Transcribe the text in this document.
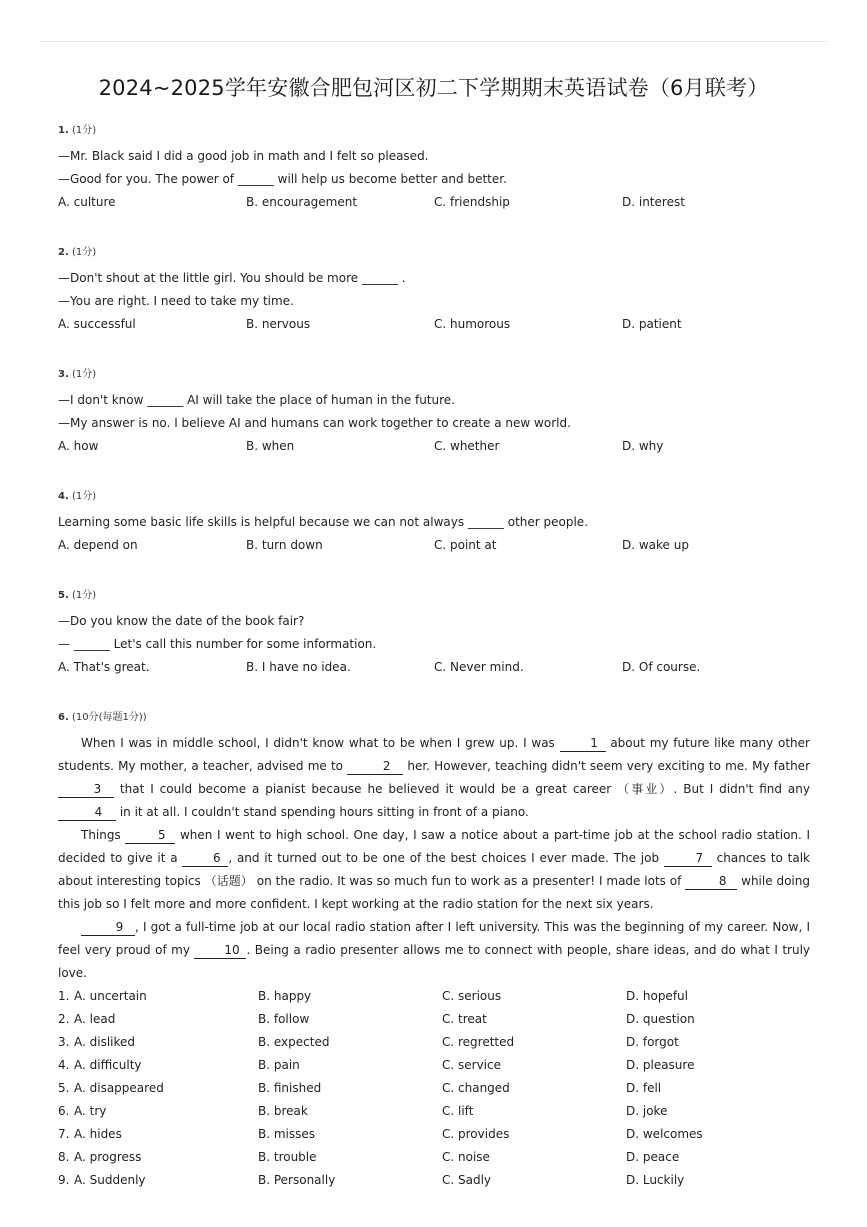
2024~2025学年安徽合肥包河区初二下学期期末英语试卷（6月联考）
1. (1分)
—Mr. Black said I did a good job in math and I felt so pleased.
—Good for you. The power of ______ will help us become better and better.
A. culture	B. encouragement	C. friendship	D. interest
2. (1分)
—Don't shout at the little girl. You should be more ______ .
—You are right. I need to take my time.
A. successful	B. nervous	C. humorous	D. patient
3. (1分)
—I don't know ______ AI will take the place of human in the future.
—My answer is no. I believe AI and humans can work together to create a new world.
A. how	B. when	C. whether	D. why
4. (1分)
Learning some basic life skills is helpful because we can not always ______ other people.
A. depend on	B. turn down	C. point at	D. wake up
5. (1分)
—Do you know the date of the book fair?
— ______ Let's call this number for some information.
A. That's great.	B. I have no idea.	C. Never mind.	D. Of course.
6. (10分(每题1分))

When I was in middle school, I didn't know what to be when I grew up. I was	1 about my future like many other students. My mother, a teacher, advised me to	2 her. However, teaching didn't seem very exciting to me. My father 3 that I could become a pianist because he believed it would be a great career （事业）. But I didn't find any 4 in it at all. I couldn't stand spending hours sitting in front of a piano.

Things	5 when I went to high school. One day, I saw a notice about a part-time job at the school radio station. I decided to give it a	6 , and it turned out to be one of the best choices I ever made. The job	7 chances to talk about interesting topics （话题） on the radio. It was so much fun to work as a presenter! I made lots of	8 while doing this job so I felt more and more confident. I kept working at the radio station for the next six years.

9 , I got a full-time job at our local radio station after I left university. This was the beginning of my career. Now, I feel very proud of my 10 . Being a radio presenter allows me to connect with people, share ideas, and do what I truly love.

1. A. uncertain	B. happy	C. serious	D. hopeful
2. A. lead	B. follow	C. treat	D. question
3. A. disliked	B. expected	C. regretted	D. forgot
4. A. difficulty	B. pain	C. service	D. pleasure
5. A. disappeared	B. finished	C. changed	D. fell
6. A. try	B. break	C. lift	D. joke
7. A. hides	B. misses	C. provides	D. welcomes
8. A. progress	B. trouble	C. noise	D. peace
9. A. Suddenly	B. Personally	C. Sadly	D. Luckily
